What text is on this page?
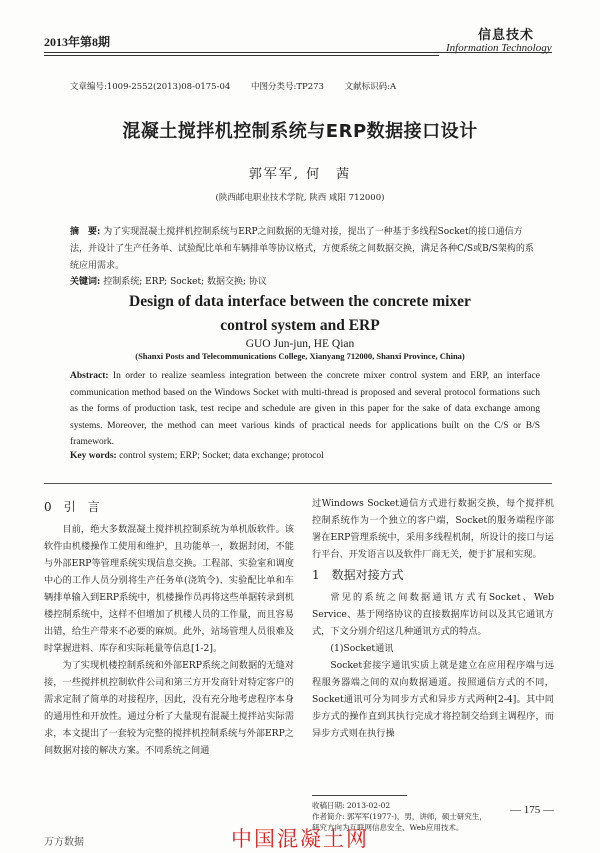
2013年第8期	信息技术
Information Technology
文章编号:1009-2552(2013)08-0175-04 中图分类号:TP273 文献标识码:A
混凝土搅拌机控制系统与ERP数据接口设计
郭军军, 何　茜
(陕西邮电职业技术学院, 陕西 咸阳 712000)
摘　要: 为了实现混凝土搅拌机控制系统与ERP之间数据的无缝对接，提出了一种基于多线程Socket的接口通信方法，并设计了生产任务单、试验配比单和车辆排单等协议格式，方便系统之间数据交换，满足各种C/S或B/S架构的系统应用需求。
关键词: 控制系统; ERP; Socket; 数据交换; 协议
Design of data interface between the concrete mixer
control system and ERP
GUO Jun-jun, HE Qian
(Shanxi Posts and Telecommunications College, Xianyang 712000, Shanxi Province, China)
Abstract: In order to realize seamless integration between the concrete mixer control system and ERP, an interface communication method based on the Windows Socket with multi-thread is proposed and several protocol formations such as the forms of production task, test recipe and schedule are given in this paper for the sake of data exchange among systems. Moreover, the method can meet various kinds of practical needs for applications built on the C/S or B/S framework.
Key words: control system; ERP; Socket; data exchange; protocol
0　引　言

目前，绝大多数混凝土搅拌机控制系统为单机版软件。该软件由机楼操作工使用和维护，且功能单一，数据封闭，不能与外部ERP等管理系统实现信息交换。工程部、实验室和调度中心的工作人员分别将生产任务单(浇筑令)、实验配比单和车辆排单输入到ERP系统中，机楼操作员再将这些单据转录到机楼控制系统中，这样不但增加了机楼人员的工作量，而且容易出错，给生产带来不必要的麻烦。此外，站场管理人员很难及时掌握进料、库存和实际耗量等信息[1-2]。

为了实现机楼控制系统和外部ERP系统之间数据的无缝对接，一些搅拌机控制软件公司和第三方开发商针对特定客户的需求定制了简单的对接程序，因此，没有充分地考虑程序本身的通用性和开放性。通过分析了大量现有混凝土搅拌站实际需求，本文提出了一套较为完整的搅拌机控制系统与外部ERP之间数据对接的解决方案。不同系统之间通

过Windows Socket通信方式进行数据交换，每个搅拌机控制系统作为一个独立的客户端，Socket的服务端程序部署在ERP管理系统中，采用多线程机制，所设计的接口与运行平台、开发语言以及软件厂商无关，便于扩展和实现。

1　数据对接方式

常见的系统之间数据通讯方式有Socket、Web Service、基于网络协议的直接数据库访问以及其它通讯方式，下文分别介绍这几种通讯方式的特点。

(1)Socket通讯

Socket套接字通讯实质上就是建立在应用程序端与远程服务器端之间的双向数据通道。按照通信方式的不同，Socket通讯可分为同步方式和异步方式两种[2-4]。其中同步方式的操作直到其执行完成才将控制交给到主调程序，而异步方式则在执行操

收稿日期: 2013-02-02
作者简介: 郭军军(1977-)，男，讲师，硕士研究生，研究方向为互联网信息安全、Web应用技术。
— 175 —
中国混凝土网
万方数据
